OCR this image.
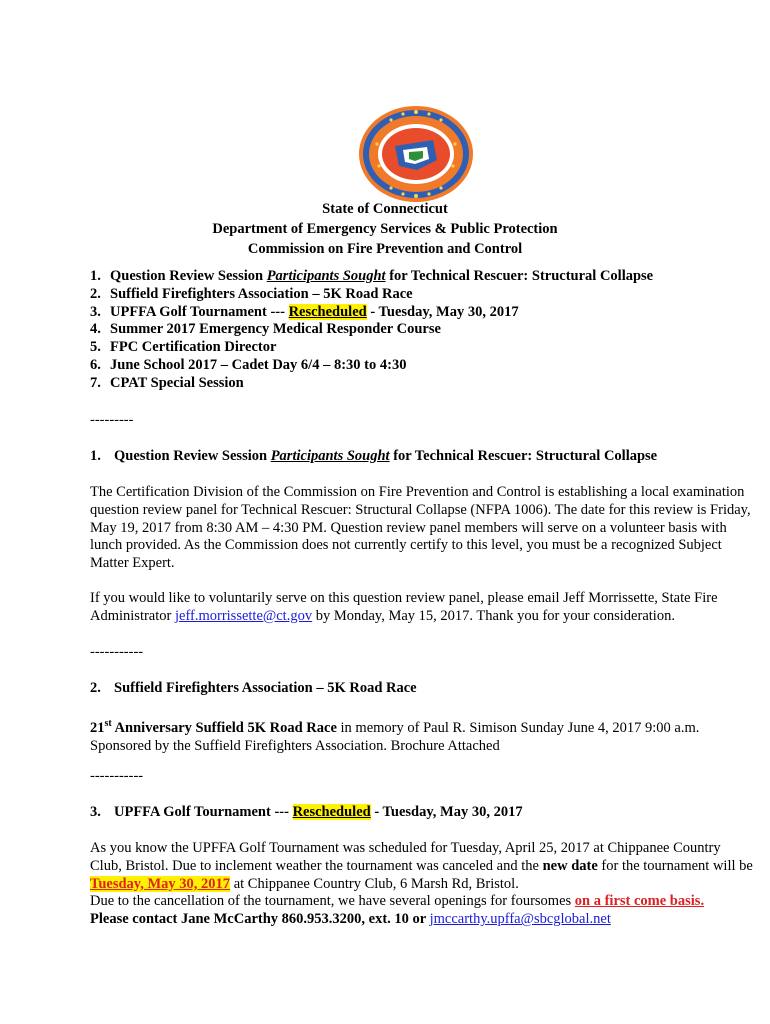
State of Connecticut
Department of Emergency Services & Public Protection
Commission on Fire Prevention and Control
1. Question Review Session Participants Sought for Technical Rescuer: Structural Collapse
2. Suffield Firefighters Association – 5K Road Race
3. UPFFA Golf Tournament --- Rescheduled - Tuesday, May 30, 2017
4. Summer 2017 Emergency Medical Responder Course
5. FPC Certification Director
6. June School 2017 – Cadet Day 6/4 – 8:30 to 4:30
7. CPAT Special Session
---------
1. Question Review Session Participants Sought for Technical Rescuer: Structural Collapse

The Certification Division of the Commission on Fire Prevention and Control is establishing a local examination question review panel for Technical Rescuer: Structural Collapse (NFPA 1006). The date for this review is Friday, May 19, 2017 from 8:30 AM – 4:30 PM. Question review panel members will serve on a volunteer basis with lunch provided. As the Commission does not currently certify to this level, you must be a recognized Subject Matter Expert.

If you would like to voluntarily serve on this question review panel, please email Jeff Morrissette, State Fire Administrator jeff.morrissette@ct.gov by Monday, May 15, 2017. Thank you for your consideration.

-----------
2. Suffield Firefighters Association – 5K Road Race

21st Anniversary Suffield 5K Road Race in memory of Paul R. Simison Sunday June 4, 2017 9:00 a.m.
Sponsored by the Suffield Firefighters Association. Brochure Attached

-----------
3. UPFFA Golf Tournament --- Rescheduled - Tuesday, May 30, 2017

As you know the UPFFA Golf Tournament was scheduled for Tuesday, April 25, 2017 at Chippanee Country Club, Bristol. Due to inclement weather the tournament was canceled and the new date for the tournament will be Tuesday, May 30, 2017 at Chippanee Country Club, 6 Marsh Rd, Bristol.

Due to the cancellation of the tournament, we have several openings for foursomes on a first come basis.

Please contact Jane McCarthy 860.953.3200, ext. 10 or jmccarthy.upffa@sbcglobal.net
